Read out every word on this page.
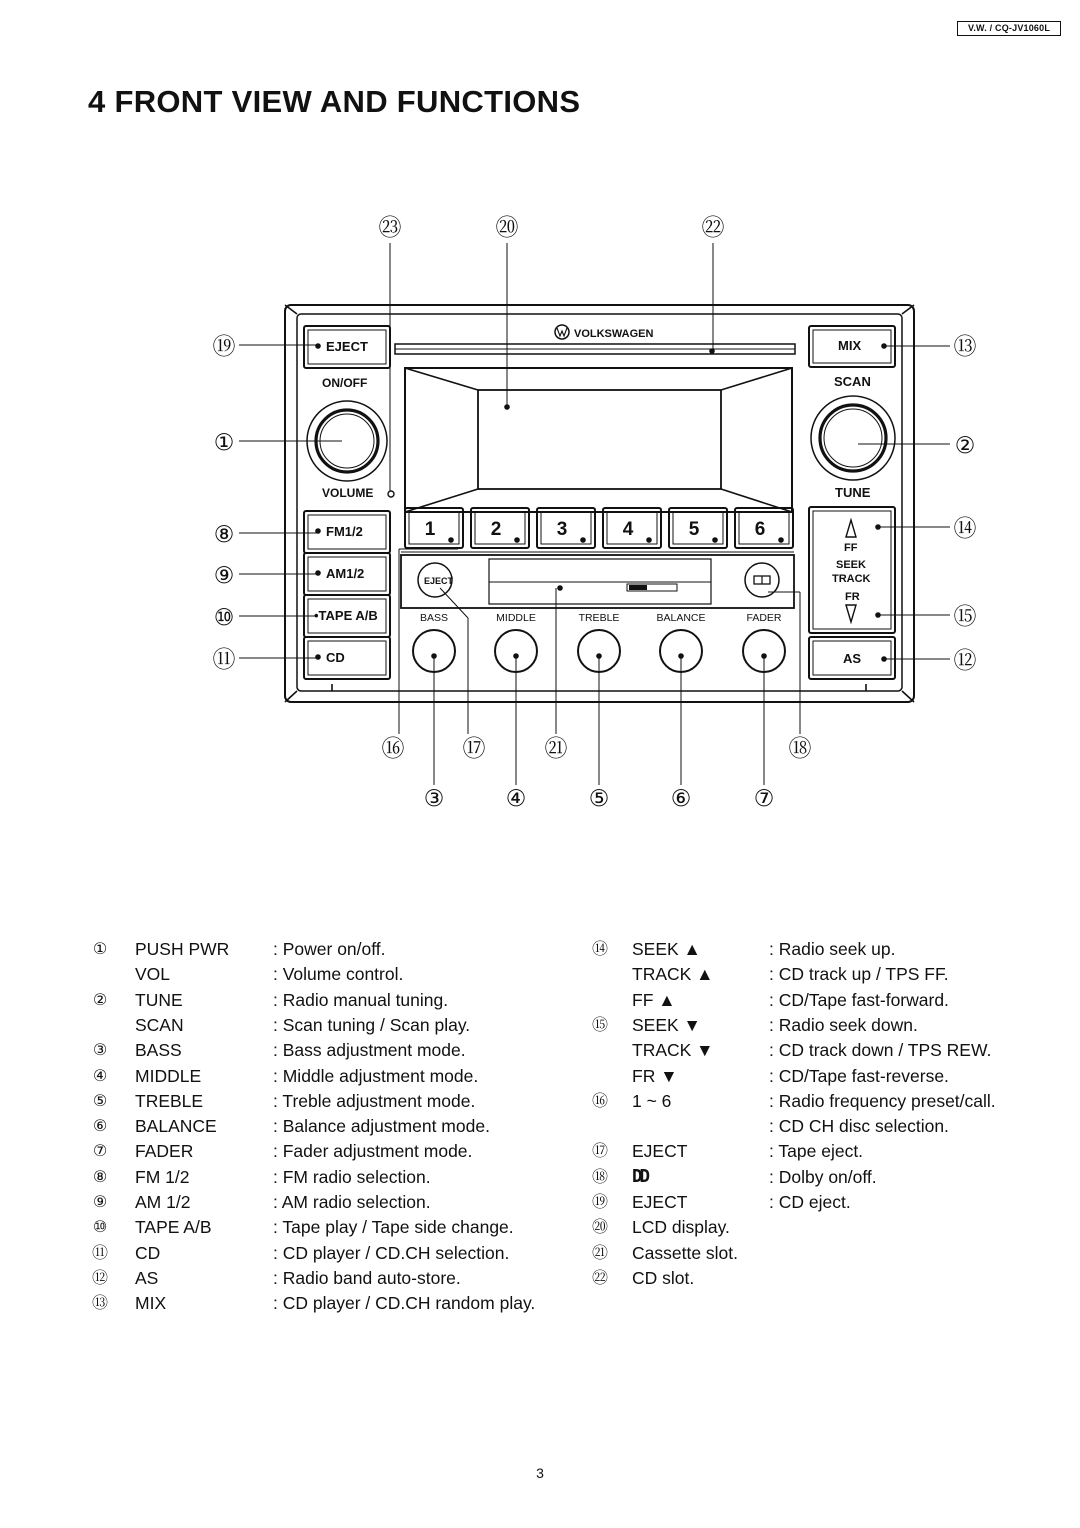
V.W. / CQ-JV1060L
4 FRONT VIEW AND FUNCTIONS
VOLKSWAGEN
EJECT
FM1/2
AM1/2
•TAPE A/B
CD
ON/OFF
VOLUME
MIX
SCAN
TUNE
FF
SEEK
TRACK
FR
AS
1	2	3	4	5	6
EJECT
BASS	MIDDLE	TREBLE	BALANCE	FADER
㉓	⑳	㉒
⑲
①
⑧
⑨
⑩
⑪
⑬
②
⑭
⑮
⑫
⑯	⑰	㉑	⑱
③	④	⑤	⑥	⑦
① PUSH PWR : Power on/off.
VOL	: Volume control.
② TUNE	: Radio manual tuning.
SCAN	: Scan tuning / Scan play.
③ BASS	: Bass adjustment mode.
④ MIDDLE	: Middle adjustment mode.
⑤ TREBLE	: Treble adjustment mode.
⑥ BALANCE	: Balance adjustment mode.
⑦ FADER	: Fader adjustment mode.
⑧ FM 1/2	: FM radio selection.
⑨ AM 1/2	: AM radio selection.
⑩ TAPE A/B	: Tape play / Tape side change.
⑪ CD	: CD player / CD.CH selection.
⑫ AS	: Radio band auto-store.
⑬ MIX	: CD player / CD.CH random play.
⑭ SEEK ▲	: Radio seek up.
TRACK ▲	: CD track up / TPS FF.
FF ▲	: CD/Tape fast-forward.
⑮ SEEK ▼	: Radio seek down.
TRACK ▼	: CD track down / TPS REW.
FR ▼	: CD/Tape fast-reverse.
⑯ 1 ~ 6	: Radio frequency preset/call.
: CD CH disc selection.
⑰ EJECT	: Tape eject.
⑱ DD	: Dolby on/off.
⑲ EJECT	: CD eject.
⑳ LCD display.
㉑ Cassette slot.
㉒ CD slot.
3
